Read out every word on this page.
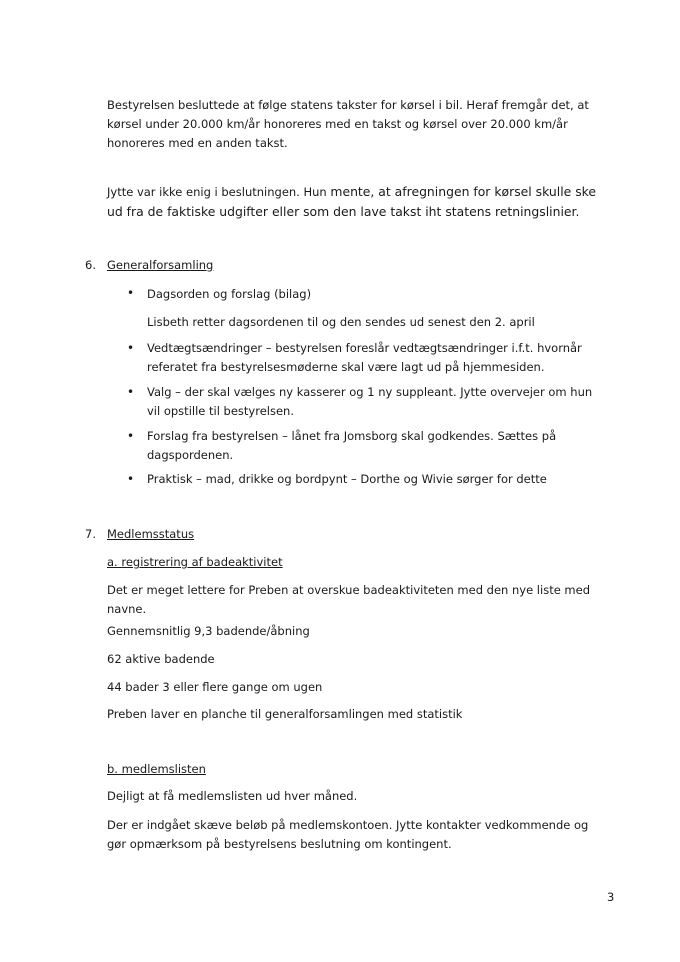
Bestyrelsen besluttede at følge statens takster for kørsel i bil. Heraf fremgår det, at
kørsel under 20.000 km/år honoreres med en takst og kørsel over 20.000 km/år
honoreres med en anden takst.
Jytte var ikke enig i beslutningen. Hun mente, at afregningen for kørsel skulle ske
ud fra de faktiske udgifter eller som den lave takst iht statens retningslinier.
6. Generalforsamling
• Dagsorden og forslag (bilag)
Lisbeth retter dagsordenen til og den sendes ud senest den 2. april
• Vedtægtsændringer – bestyrelsen foreslår vedtægtsændringer i.f.t. hvornår
referatet fra bestyrelsesmøderne skal være lagt ud på hjemmesiden.
• Valg – der skal vælges ny kasserer og 1 ny suppleant. Jytte overvejer om hun
vil opstille til bestyrelsen.
• Forslag fra bestyrelsen – lånet fra Jomsborg skal godkendes. Sættes på
dagspordenen.
• Praktisk – mad, drikke og bordpynt – Dorthe og Wivie sørger for dette
7. Medlemsstatus
a. registrering af badeaktivitet
Det er meget lettere for Preben at overskue badeaktiviteten med den nye liste med
navne.
Gennemsnitlig 9,3 badende/åbning
62 aktive badende
44 bader 3 eller flere gange om ugen
Preben laver en planche til generalforsamlingen med statistik
b. medlemslisten
Dejligt at få medlemslisten ud hver måned.
Der er indgået skæve beløb på medlemskontoen. Jytte kontakter vedkommende og
gør opmærksom på bestyrelsens beslutning om kontingent.
3
